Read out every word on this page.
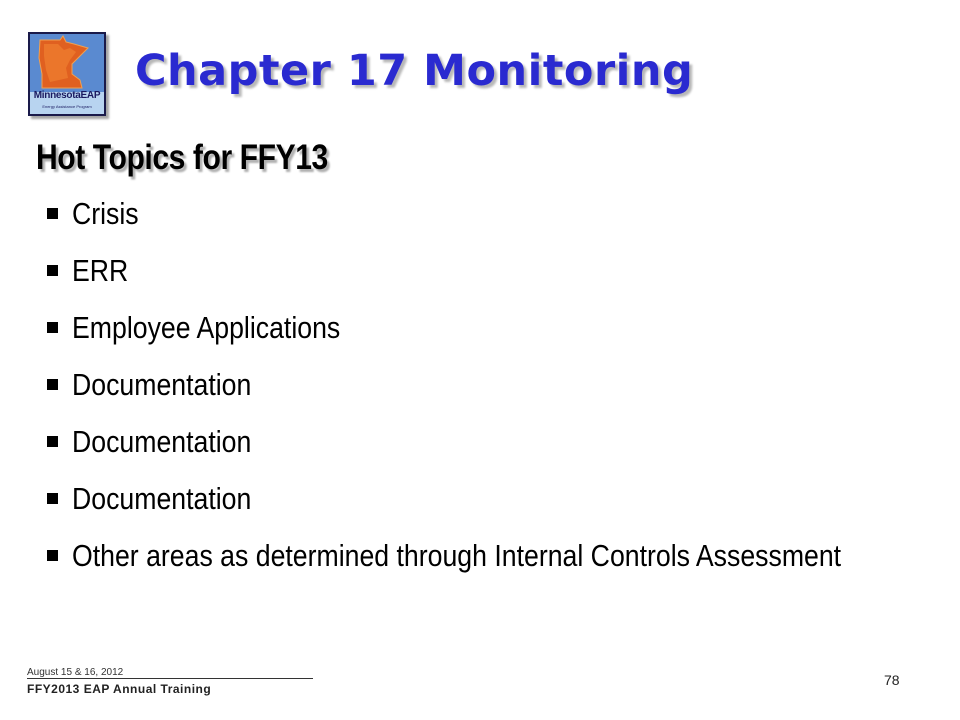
MinnesotaEAP
Energy Assistance Program
Chapter 17 Monitoring
Hot Topics for FFY13
Crisis
ERR
Employee Applications
Documentation
Documentation
Documentation
Other areas as determined through Internal Controls Assessment
August 15 & 16, 2012
FFY2013 EAP Annual Training
78
